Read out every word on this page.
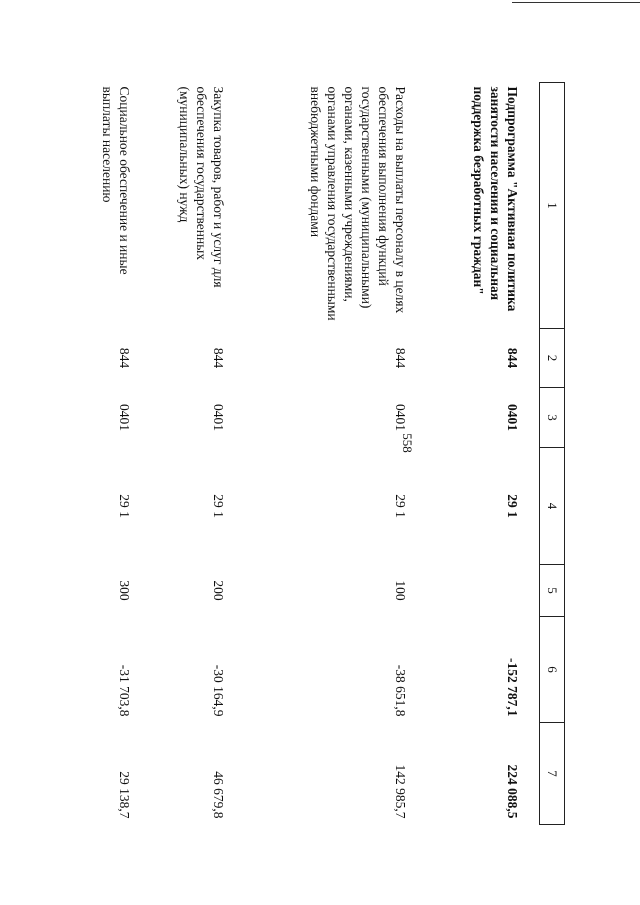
558
1	2	3	4	5	6	7
Подпрограмма "Активная политика занятости населения и социальная поддержка безработных граждан"	844	0401	29 1		-152 787,1	224 088,5
Расходы на выплаты персоналу в целях обеспечения выполнения функций государственными (муниципальными) органами, казенными учреждениями, органами управления государственными внебюджетными фондами	844	0401	29 1	100	-38 651,8	142 985,7
Закупка товаров, работ и услуг для обеспечения государственных (муниципальных) нужд	844	0401	29 1	200	-30 164,9	46 679,8
Социальное обеспечение и иные выплаты населению	844	0401	29 1	300	-31 703,8	29 138,7
